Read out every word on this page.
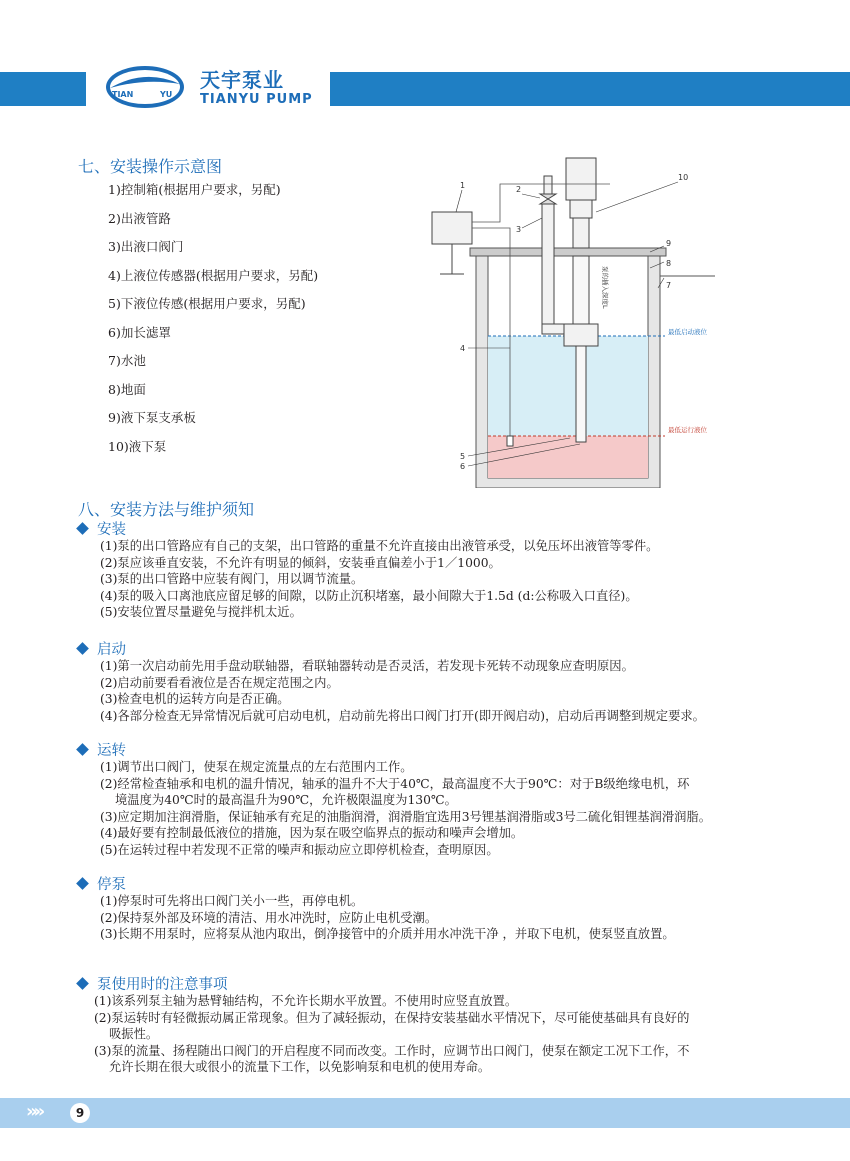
TIAN	YU
天宇泵业
TIANYU PUMP
七、安装操作示意图
1)控制箱(根据用户要求，另配)
2)出液管路
3)出液口阀门
4)上液位传感器(根据用户要求，另配)
5)下液位传感(根据用户要求，另配)
6)加长滤罩
7)水池
8)地面
9)液下泵支承板
10)液下泵
1	2
3
4
5
6
7
8
9
10
泵的插入深度L
最低启动液位
最低运行液位
八、安装方法与维护须知
安装

(1)泵的出口管路应有自己的支架，出口管路的重量不允许直接由出液管承受，以免压坏出液管等零件。

(2)泵应该垂直安装，不允许有明显的倾斜，安装垂直偏差小于1／1000。

(3)泵的出口管路中应装有阀门，用以调节流量。

(4)泵的吸入口离池底应留足够的间隙，以防止沉积堵塞，最小间隙大于1.5d (d:公称吸入口直径)。

(5)安装位置尽量避免与搅拌机太近。

启动

(1)第一次启动前先用手盘动联轴器，看联轴器转动是否灵活，若发现卡死转不动现象应查明原因。

(2)启动前要看看液位是否在规定范围之内。

(3)检查电机的运转方向是否正确。

(4)各部分检查无异常情况后就可启动电机，启动前先将出口阀门打开(即开阀启动)，启动后再调整到规定要求。

运转

(1)调节出口阀门，使泵在规定流量点的左右范围内工作。

(2)经常检查轴承和电机的温升情况，轴承的温升不大于40℃，最高温度不大于90℃：对于B级绝缘电机，环

境温度为40℃时的最高温升为90℃，允许极限温度为130℃。

(3)应定期加注润滑脂，保证轴承有充足的油脂润滑，润滑脂宜选用3号锂基润滑脂或3号二硫化钼锂基润滑润脂。

(4)最好要有控制最低液位的措施，因为泵在吸空临界点的振动和噪声会增加。

(5)在运转过程中若发现不正常的噪声和振动应立即停机检查，查明原因。

停泵

(1)停泵时可先将出口阀门关小一些，再停电机。

(2)保持泵外部及环境的清洁、用水冲洗时，应防止电机受潮。

(3)长期不用泵时，应将泵从池内取出，倒净接管中的介质并用水冲洗干净 ，并取下电机，使泵竖直放置。

泵使用时的注意事项

(1)该系列泵主轴为悬臂轴结构，不允许长期水平放置。不使用时应竖直放置。

(2)泵运转时有轻微振动属正常现象。但为了减轻振动，在保持安装基础水平情况下，尽可能使基础具有良好的

吸振性。

(3)泵的流量、扬程随出口阀门的开启程度不同而改变。工作时，应调节出口阀门，使泵在额定工况下工作，不

允许长期在很大或很小的流量下工作，以免影响泵和电机的使用寿命。

»»	9
